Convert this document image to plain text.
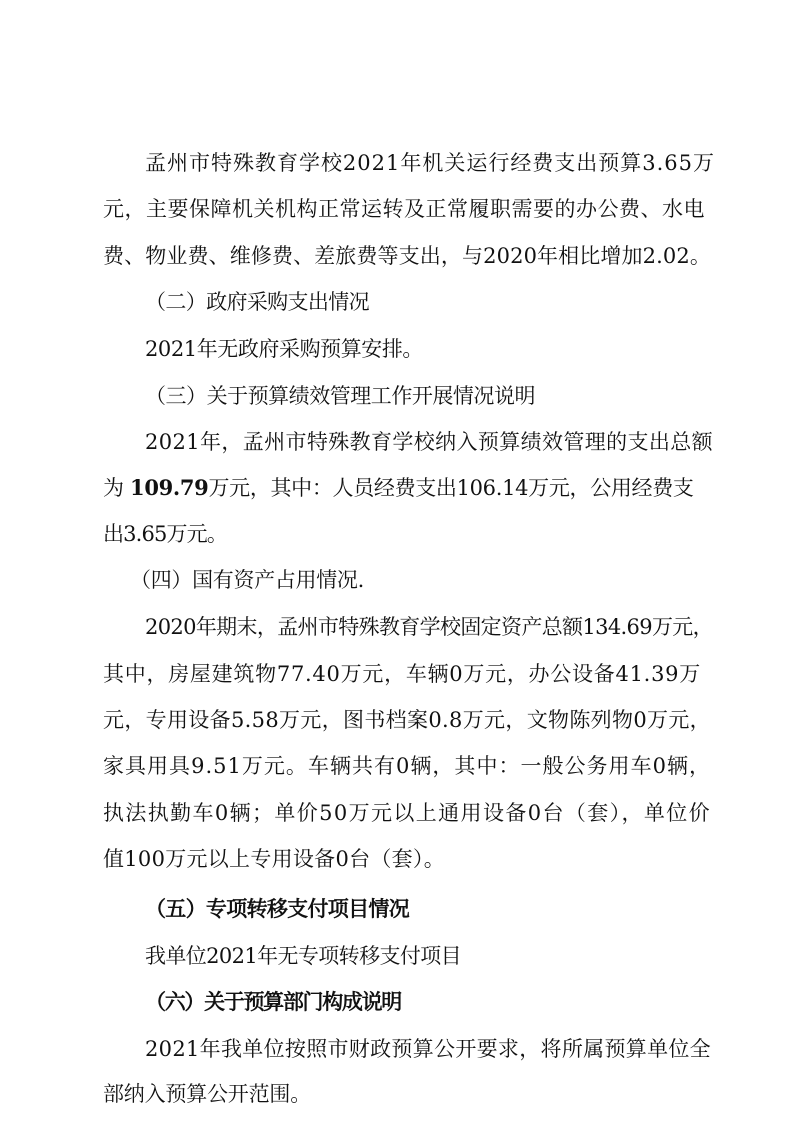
孟州市特殊教育学校2021年机关运行经费支出预算3.65万
元，主要保障机关机构正常运转及正常履职需要的办公费、水电
费、物业费、维修费、差旅费等支出，与2020年相比增加2.02。
（二）政府采购支出情况
2021年无政府采购预算安排。
（三）关于预算绩效管理工作开展情况说明
2021年，孟州市特殊教育学校纳入预算绩效管理的支出总额
为 109.79万元，其中：人员经费支出106.14万元，公用经费支
出3.65万元。
（四）国有资产占用情况.
2020年期末，孟州市特殊教育学校固定资产总额134.69万元，
其中，房屋建筑物77.40万元，车辆0万元，办公设备41.39万
元，专用设备5.58万元，图书档案0.8万元，文物陈列物0万元，
家具用具9.51万元。车辆共有0辆，其中：一般公务用车0辆，
执法执勤车0辆；单价50万元以上通用设备0台（套），单位价
值100万元以上专用设备0台（套）。
（五）专项转移支付项目情况
我单位2021年无专项转移支付项目
（六）关于预算部门构成说明
2021年我单位按照市财政预算公开要求，将所属预算单位全
部纳入预算公开范围。
